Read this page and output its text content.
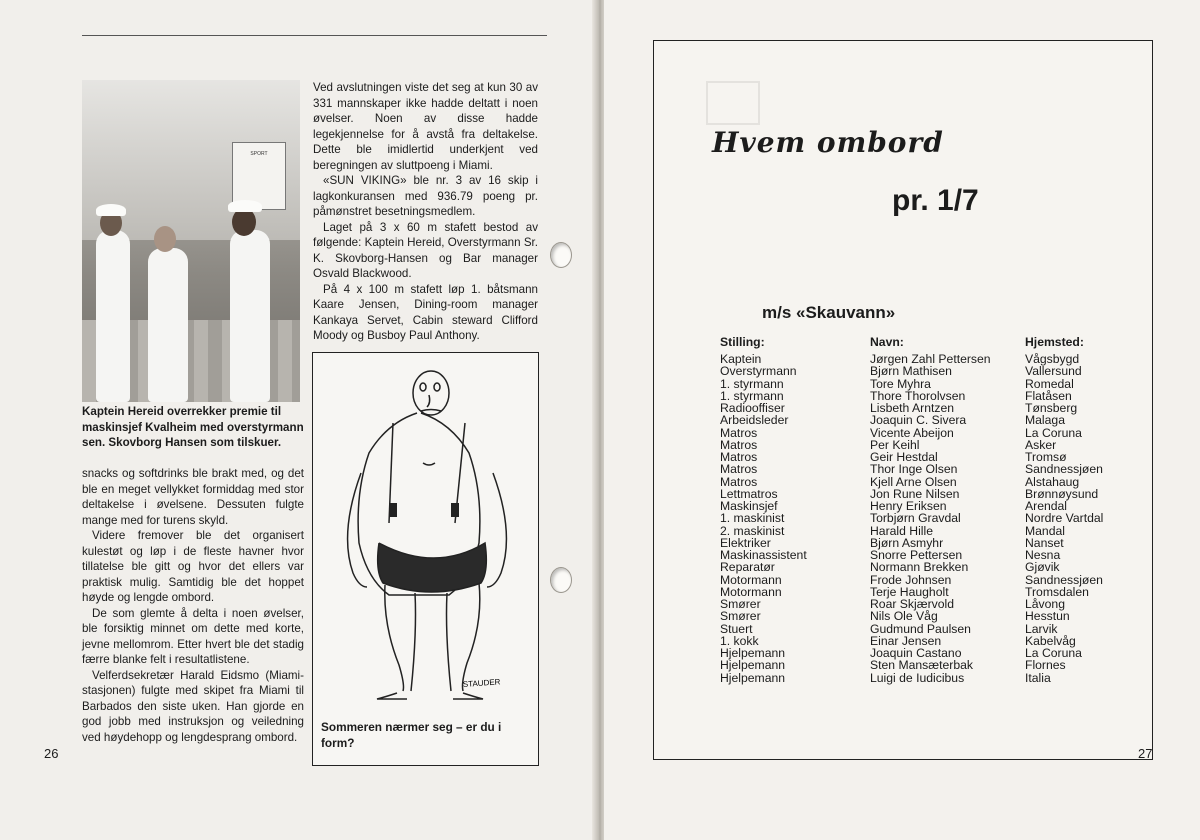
SPORT

Kaptein Hereid overrekker premie til maskinsjef Kvalheim med overstyrmann sen. Skovborg Hansen som tilskuer.

snacks og softdrinks ble brakt med, og det ble en meget vellykket formiddag med stor deltakelse i øvelsene. Dessuten fulgte mange med for turens skyld.

Videre fremover ble det organisert kulestøt og løp i de fleste havner hvor tillatelse ble gitt og hvor det ellers var praktisk mulig. Samtidig ble det hoppet høyde og lengde ombord.

De som glemte å delta i noen øvelser, ble forsiktig minnet om dette med korte, jevne mellomrom. Etter hvert ble det stadig færre blanke felt i resultatlistene.

Velferdsekretær Harald Eidsmo (Miami-stasjonen) fulgte med skipet fra Miami til Barbados den siste uken. Han gjorde en god jobb med instruksjon og veiledning ved høydehopp og lengdesprang ombord.

Ved avslutningen viste det seg at kun 30 av 331 mannskaper ikke hadde deltatt i noen øvelser. Noen av disse hadde legekjennelse for å avstå fra deltakelse. Dette ble imidlertid underkjent ved beregningen av sluttpoeng i Miami.

«SUN VIKING» ble nr. 3 av 16 skip i lagkonkuransen med 936.79 poeng pr. påmønstret besetningsmedlem.

Laget på 3 x 60 m stafett bestod av følgende: Kaptein Hereid, Overstyrmann Sr. K. Skovborg-Hansen og Bar manager Osvald Blackwood.

På 4 x 100 m stafett løp 1. båtsmann Kaare Jensen, Dining-room manager Kankaya Servet, Cabin steward Clifford Moody og Busboy Paul Anthony.

STAUDER

Sommeren nærmer seg – er du i form?

26

Hvem ombord
pr. 1/7
m/s «Skauvann»

Stilling:	Navn:	Hjemsted:

Kaptein
Overstyrmann
1. styrmann
1. styrmann
Radiooffiser
Arbeidsleder
Matros
Matros
Matros
Matros
Matros
Lettmatros
Maskinsjef
1. maskinist
2. maskinist
Elektriker
Maskinassistent
Reparatør
Motormann
Motormann
Smører
Smører
Stuert
1. kokk
Hjelpemann
Hjelpemann
Hjelpemann
Jørgen Zahl Pettersen
Bjørn Mathisen
Tore Myhra
Thore Thorolvsen
Lisbeth Arntzen
Joaquin C. Sivera
Vicente Abeijon
Per Keihl
Geir Hestdal
Thor Inge Olsen
Kjell Arne Olsen
Jon Rune Nilsen
Henry Eriksen
Torbjørn Gravdal
Harald Hille
Bjørn Asmyhr
Snorre Pettersen
Normann Brekken
Frode Johnsen
Terje Haugholt
Roar Skjærvold
Nils Ole Våg
Gudmund Paulsen
Einar Jensen
Joaquin Castano
Sten Mansæterbak
Luigi de Iudicibus
Vågsbygd
Vallersund
Romedal
Flatåsen
Tønsberg
Malaga
La Coruna
Asker
Tromsø
Sandnessjøen
Alstahaug
Brønnøysund
Arendal
Nordre Vartdal
Mandal
Nanset
Nesna
Gjøvik
Sandnessjøen
Tromsdalen
Låvong
Hesstun
Larvik
Kabelvåg
La Coruna
Flornes
Italia

27
